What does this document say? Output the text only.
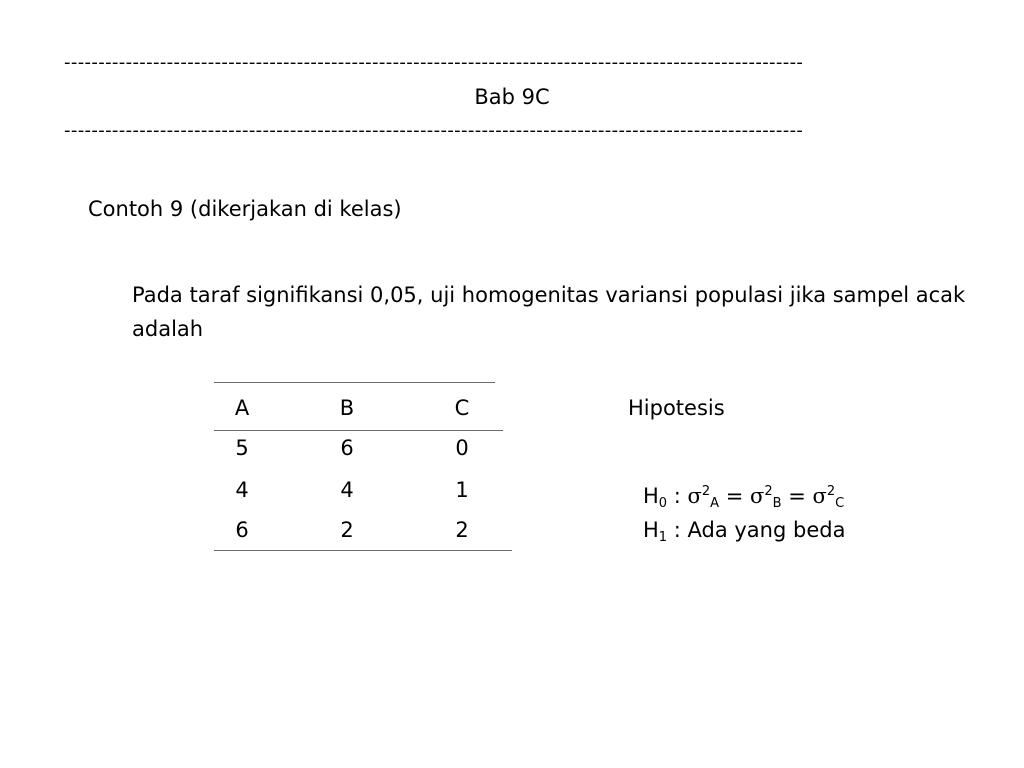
------------------------------------------------------------------------------------------------------------
Bab 9C
------------------------------------------------------------------------------------------------------------
Contoh 9 (dikerjakan di kelas)
Pada taraf signifikansi 0,05, uji homogenitas variansi populasi jika sampel acak adalah
A	B	C
5	6	0
4	4	1
6	2	2
Hipotesis
$H_0$ : $\sigma^2_A = \sigma^2_B = \sigma^2_C$
$H_1$ : Ada yang beda
